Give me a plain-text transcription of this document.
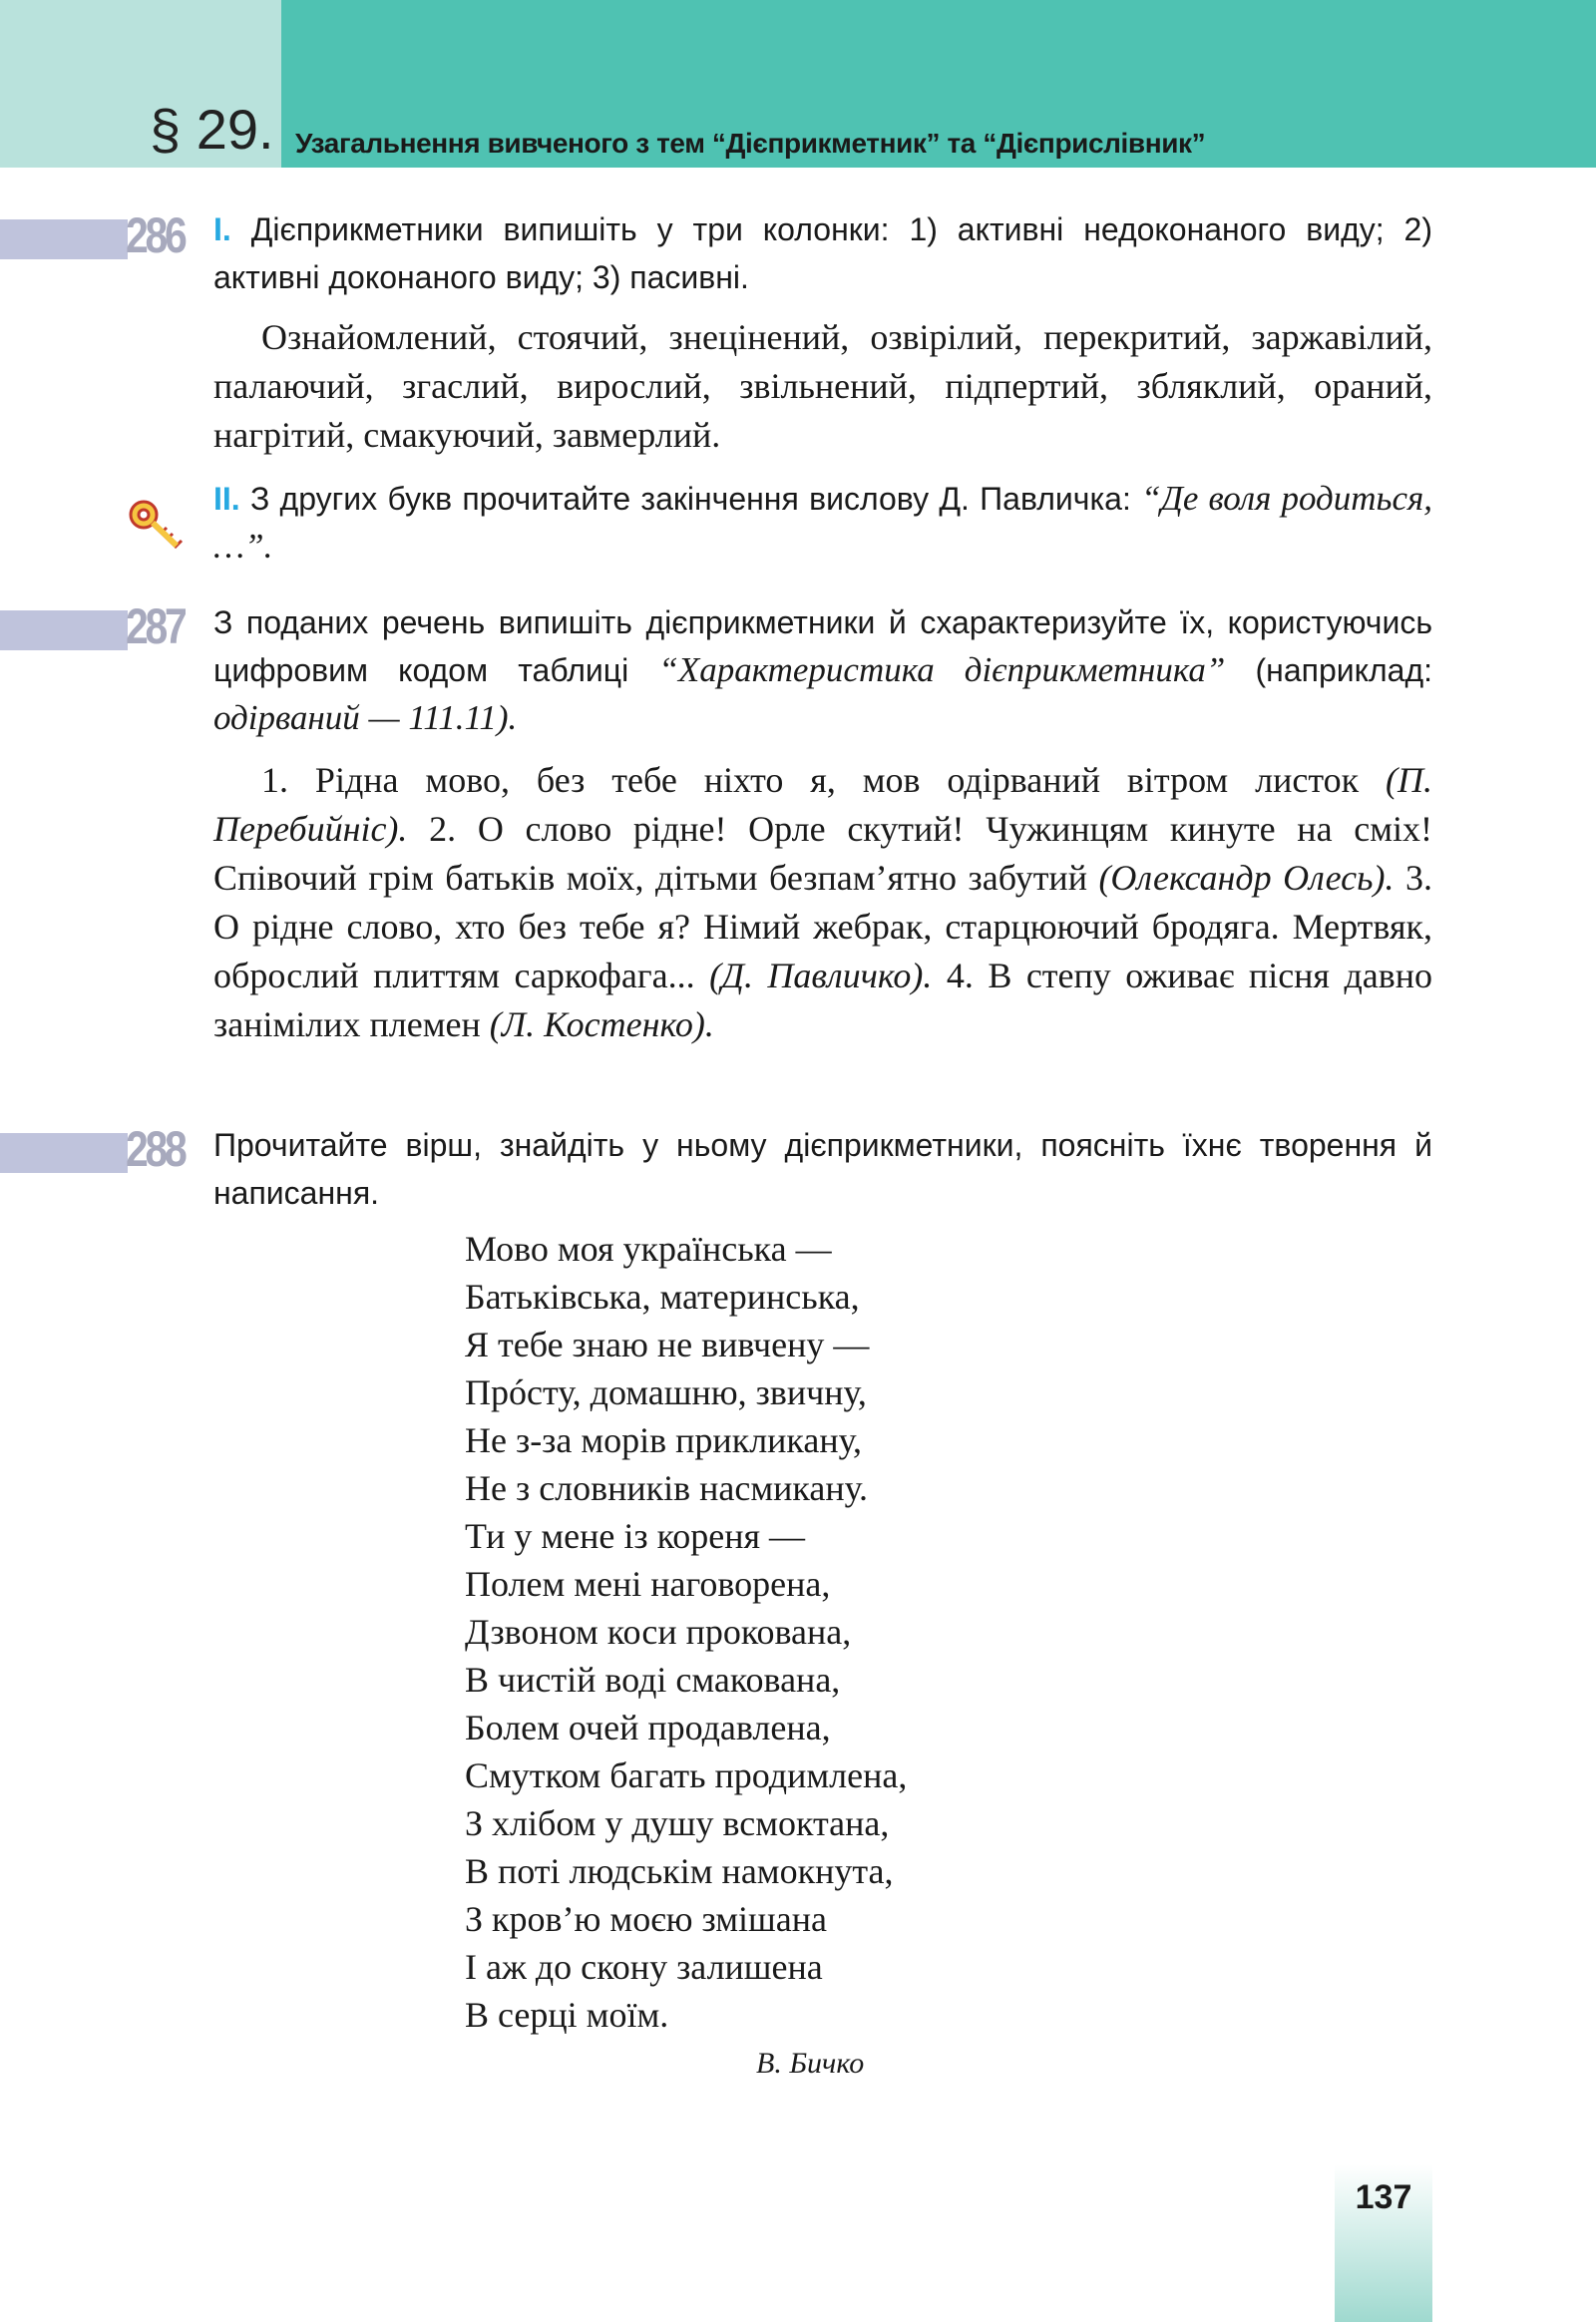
§ 29. Узагальнення вивченого з тем “Дієприкметник” та “Дієприслівник”
286 I. Дієприкметники випишіть у три колонки: 1) активні недоконаного виду; 2) активні доконаного виду; 3) пасивні.

Ознайомлений, стоячий, знецінений, озвірілий, перекритий, заржавілий, палаючий, згаслий, вирослий, звільнений, підпертий, збляклий, ораний, нагрітий, смакуючий, завмерлий.

II. З других букв прочитайте закінчення вислову Д. Павличка: “Де воля родиться, …”.
287 З поданих речень випишіть дієприкметники й схарактеризуйте їх, користуючись цифровим кодом таблиці “Характеристика дієприкметника” (наприклад: одірваний — 111.11).

1. Рідна мово, без тебе ніхто я, мов одірваний вітром листок (П. Перебийніс). 2. О слово рідне! Орле скутий! Чужинцям кинуте на сміх! Співочий грім батьків моїх, дітьми безпам’ятно забутий (Олександр Олесь). 3. О рідне слово, хто без тебе я? Німий жебрак, старцюючий бродяга. Мертвяк, оброслий плиттям саркофага... (Д. Павличко). 4. В степу оживає пісня давно занімілих племен (Л. Костенко).

288 Прочитайте вірш, знайдіть у ньому дієприкметники, поясніть їхнє творення й написання.
Мово моя українська —
Батьківська, материнська,
Я тебе знаю не вивчену —
Прóсту, домашню, звичну,
Не з-за морів прикликану,
Не з словників насмикану.
Ти у мене із кореня —
Полем мені наговорена,
Дзвоном коси прокована,
В чистій воді смакована,
Болем очей продавлена,
Смутком багать продимлена,
З хлібом у душу всмоктана,
В поті людськім намокнута,
З кров’ю моєю змішана
І аж до скону залишена
В серці моїм.
В. Бичко
137
